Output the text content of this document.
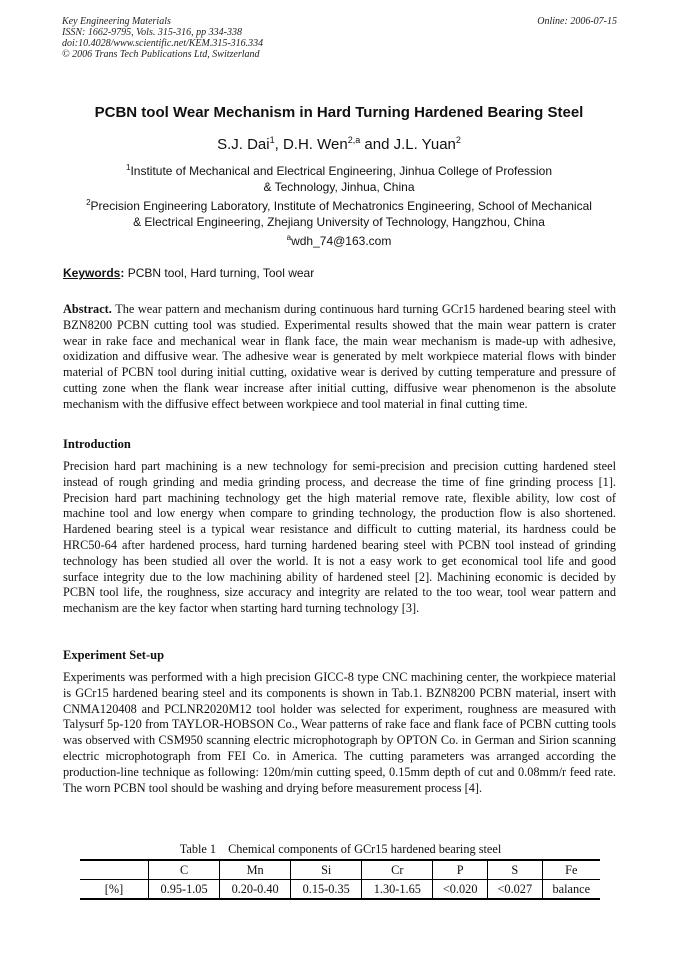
Key Engineering Materials
ISSN: 1662-9795, Vols. 315-316, pp 334-338
doi:10.4028/www.scientific.net/KEM.315-316.334
© 2006 Trans Tech Publications Ltd, Switzerland
Online: 2006-07-15
PCBN tool Wear Mechanism in Hard Turning Hardened Bearing Steel
S.J. Dai$^1$, D.H. Wen$^{2,a}$ and J.L. Yuan$^2$
$^1$Institute of Mechanical and Electrical Engineering, Jinhua College of Profession
& Technology, Jinhua, China
$^2$Precision Engineering Laboratory, Institute of Mechatronics Engineering, School of Mechanical
& Electrical Engineering, Zhejiang University of Technology, Hangzhou, China
$^a$wdh_74@163.com
Keywords: PCBN tool, Hard turning, Tool wear
Abstract. The wear pattern and mechanism during continuous hard turning GCr15 hardened bearing steel with BZN8200 PCBN cutting tool was studied. Experimental results showed that the main wear pattern is crater wear in rake face and mechanical wear in flank face, the main wear mechanism is made-up with adhesive, oxidization and diffusive wear. The adhesive wear is generated by melt workpiece material flows with binder material of PCBN tool during initial cutting, oxidative wear is derived by cutting temperature and pressure of cutting zone when the flank wear increase after initial cutting, diffusive wear phenomenon is the absolute mechanism with the diffusive effect between workpiece and tool material in final cutting time.
Introduction
Precision hard part machining is a new technology for semi-precision and precision cutting hardened steel instead of rough grinding and media grinding process, and decrease the time of fine grinding process [1]. Precision hard part machining technology get the high material remove rate, flexible ability, low cost of machine tool and low energy when compare to grinding technology, the production flow is also shortened. Hardened bearing steel is a typical wear resistance and difficult to cutting material, its hardness could be HRC50-64 after hardened process, hard turning hardened bearing steel with PCBN tool instead of grinding technology has been studied all over the world. It is not a easy work to get economical tool life and good surface integrity due to the low machining ability of hardened steel [2]. Machining economic is decided by PCBN tool life, the roughness, size accuracy and integrity are related to the too wear, tool wear pattern and mechanism are the key factor when starting hard turning technology [3].
Experiment Set-up
Experiments was performed with a high precision GICC-8 type CNC machining center, the workpiece material is GCr15 hardened bearing steel and its components is shown in Tab.1. BZN8200 PCBN material, insert with CNMA120408 and PCLNR2020M12 tool holder was selected for experiment, roughness are measured with Talysurf 5p-120 from TAYLOR-HOBSON Co., Wear patterns of rake face and flank face of PCBN cutting tools was observed with CSM950 scanning electric microphotograph by OPTON Co. in German and Sirion scanning electric microphotograph from FEI Co. in America. The cutting parameters was arranged according the production-line technique as following: 120m/min cutting speed, 0.15mm depth of cut and 0.08mm/r feed rate. The worn PCBN tool should be washing and drying before measurement process [4].
Table 1 Chemical components of GCr15 hardened bearing steel
	C	Mn	Si	Cr	P	S	Fe
[%]	0.95-1.05	0.20-0.40	0.15-0.35	1.30-1.65	<0.020	<0.027	balance
